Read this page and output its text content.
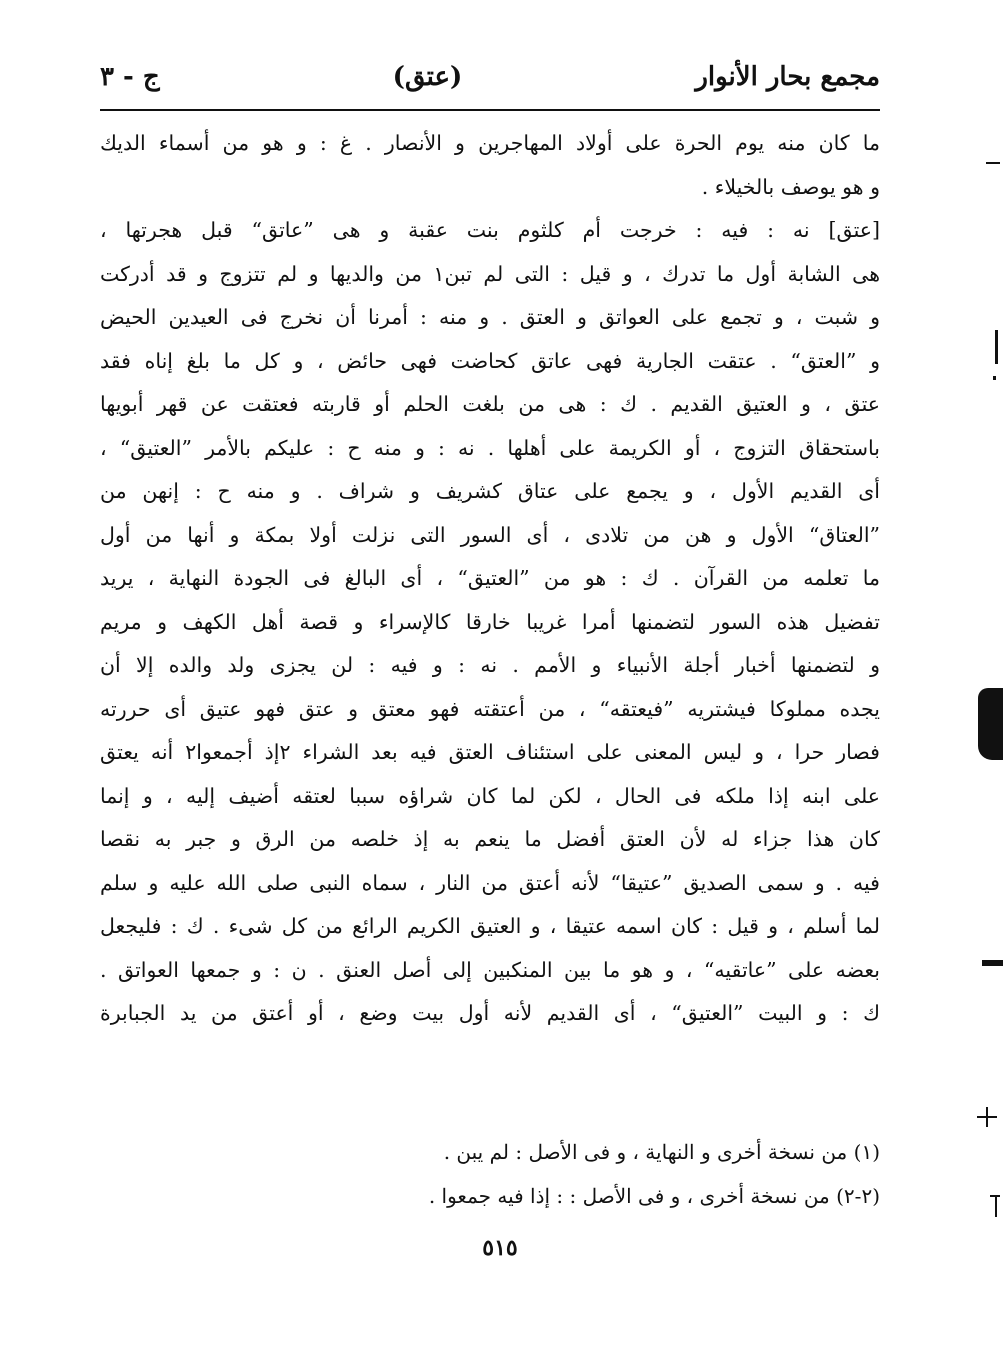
مجمع بحار الأنوار
(عتق)
ج - ٣
ما كان منه يوم الحرة على أولاد المهاجرين و الأنصار . غ : و هو من أسماء الديك
و هو يوصف بالخيلاء .
[عتق] نه : فيه : خرجت أم كلثوم بنت عقبة و هى ”عاتق“ قبل هجرتها ،
هى الشابة أول ما تدرك ، و قيل : التى لم تبن١ من والديها و لم تتزوج و قد أدركت
و شبت ، و تجمع على العواتق و العتق . و منه : أمرنا أن نخرج فى العيدين الحيض
و ”العتق“ . عتقت الجارية فهى عاتق كحاضت فهى حائض ، و كل ما بلغ إناه فقد
عتق ، و العتيق القديم . ك : هى من بلغت الحلم أو قاربته فعتقت عن قهر أبويها
باستحقاق التزوج ، أو الكريمة على أهلها . نه : و منه ح : عليكم بالأمر ”العتيق“ ،
أى القديم الأول ، و يجمع على عتاق كشريف و شراف . و منه ح : إنهن من
”العتاق“ الأول و هن من تلادى ، أى السور التى نزلت أولا بمكة و أنها من أول
ما تعلمه من القرآن . ك : هو من ”العتيق“ ، أى البالغ فى الجودة النهاية ، يريد
تفضيل هذه السور لتضمنها أمرا غريبا خارقا كالإسراء و قصة أهل الكهف و مريم
و لتضمنها أخبار أجلة الأنبياء و الأمم . نه : و فيه : لن يجزى ولد والده إلا أن
يجده مملوكا فيشتريه ”فيعتقه“ ، من أعتقته فهو معتق و عتق فهو عتيق أى حررته
فصار حرا ، و ليس المعنى على استئناف العتق فيه بعد الشراء ٢إذ أجمعوا٢ أنه يعتق
على ابنه إذا ملكه فى الحال ، لكن لما كان شراؤه سببا لعتقه أضيف إليه ، و إنما
كان هذا جزاء له لأن العتق أفضل ما ينعم به إذ خلصه من الرق و جبر به نقصا
فيه . و سمى الصديق ”عتيقا“ لأنه أعتق من النار ، سماه النبى صلى الله عليه و سلم
لما أسلم ، و قيل : كان اسمه عتيقا ، و العتيق الكريم الرائع من كل شىء . ك : فليجعل
بعضه على ”عاتقيه“ ، و هو ما بين المنكبين إلى أصل العنق . ن : و جمعها العواتق .
ك : و البيت ”العتيق“ ، أى القديم لأنه أول بيت وضع ، أو أعتق من يد الجبابرة
(١) من نسخة أخرى و النهاية ، و فى الأصل : لم يبن .
(٢-٢) من نسخة أخرى ، و فى الأصل : : إذا فيه جمعوا .
٥١٥
